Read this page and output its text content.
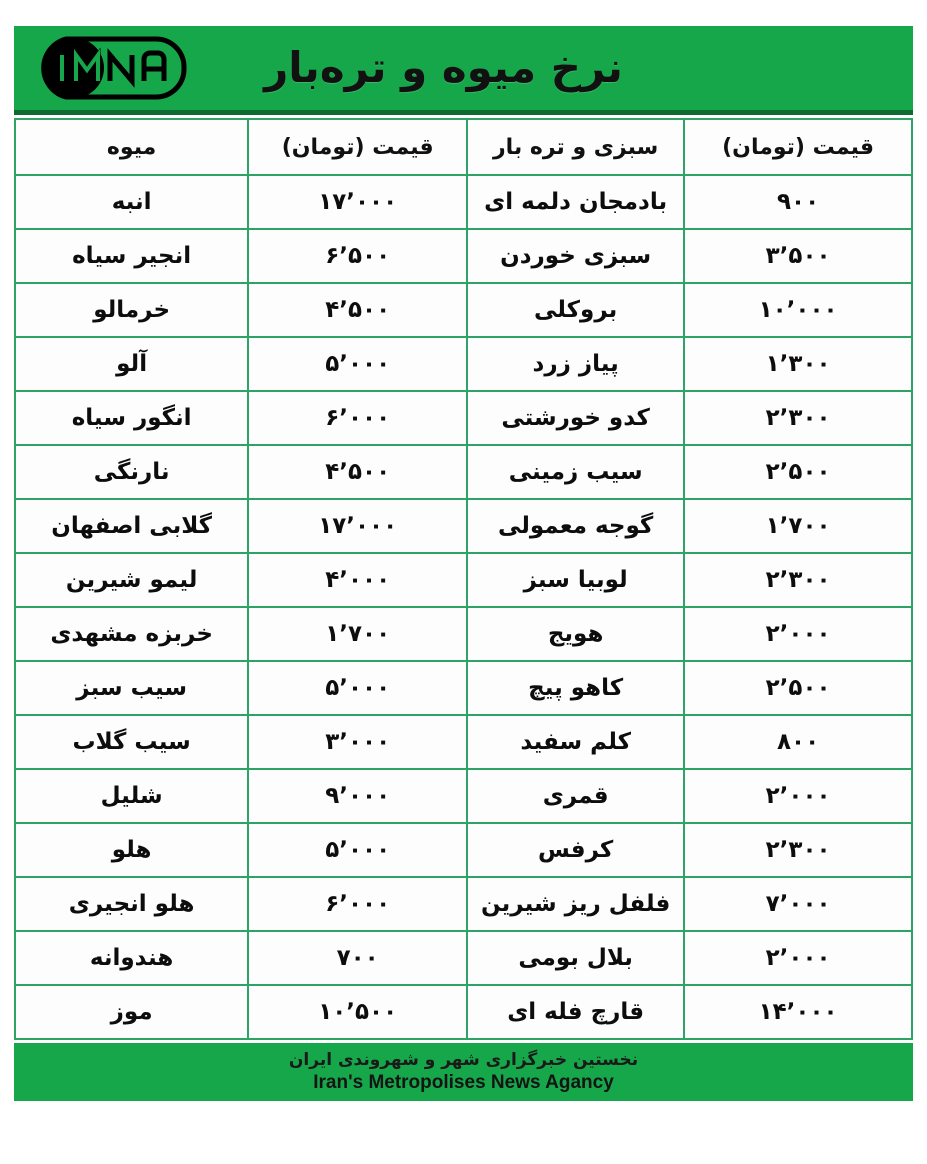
نرخ میوه و تره‌بار
قیمت (تومان)	سبزی و تره بار	قیمت (تومان)	میوه
۹۰۰	بادمجان دلمه ای	۱۷٬۰۰۰	انبه
۳٬۵۰۰	سبزی خوردن	۶٬۵۰۰	انجیر سیاه
۱۰٬۰۰۰	بروکلی	۴٬۵۰۰	خرمالو
۱٬۳۰۰	پیاز زرد	۵٬۰۰۰	آلو
۲٬۳۰۰	کدو خورشتی	۶٬۰۰۰	انگور سیاه
۲٬۵۰۰	سیب زمینی	۴٬۵۰۰	نارنگی
۱٬۷۰۰	گوجه معمولی	۱۷٬۰۰۰	گلابی اصفهان
۲٬۳۰۰	لوبیا سبز	۴٬۰۰۰	لیمو شیرین
۲٬۰۰۰	هویج	۱٬۷۰۰	خربزه مشهدی
۲٬۵۰۰	کاهو پیچ	۵٬۰۰۰	سیب سبز
۸۰۰	کلم سفید	۳٬۰۰۰	سیب گلاب
۲٬۰۰۰	قمری	۹٬۰۰۰	شلیل
۲٬۳۰۰	کرفس	۵٬۰۰۰	هلو
۷٬۰۰۰	فلفل ریز شیرین	۶٬۰۰۰	هلو انجیری
۲٬۰۰۰	بلال بومی	۷۰۰	هندوانه
۱۴٬۰۰۰	قارچ فله ای	۱۰٬۵۰۰	موز
نخستین خبرگزاری شهر و شهروندی ایران
Iran's Metropolises News Agancy
